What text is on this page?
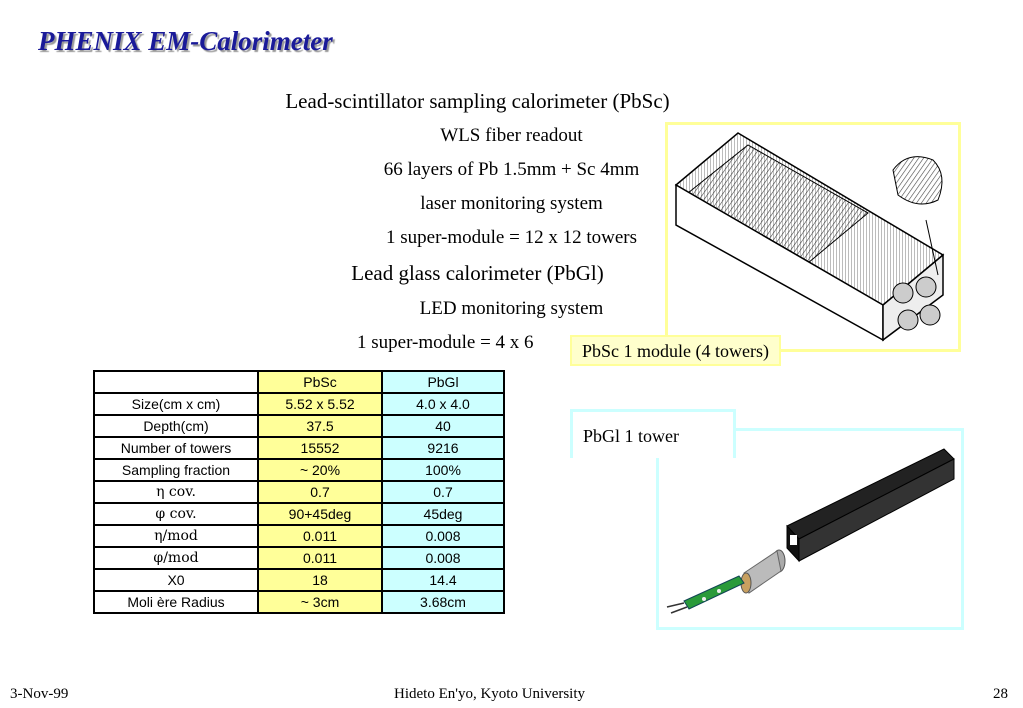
PHENIX EM-Calorimeter
Lead-scintillator sampling calorimeter (PbSc)
WLS fiber readout
66 layers of Pb 1.5mm + Sc 4mm
laser monitoring system
1 super-module = 12 x 12 towers
Lead glass calorimeter (PbGl)
LED monitoring system
1 super-module = 4 x 6	PbSc 1 module (4 towers)
PbGl 1 tower
	PbSc	PbGl
Size(cm x cm)	5.52 x 5.52	4.0 x 4.0
Depth(cm)	37.5	40
Number of towers	15552	9216
Sampling fraction	~ 20%	100%
η cov.	0.7	0.7
φ cov.	90+45deg	45deg
η/mod	0.011	0.008
φ/mod	0.011	0.008
X0	18	14.4
Moli ère Radius	~ 3cm	3.68cm
3-Nov-99	Hideto En'yo, Kyoto University	28
